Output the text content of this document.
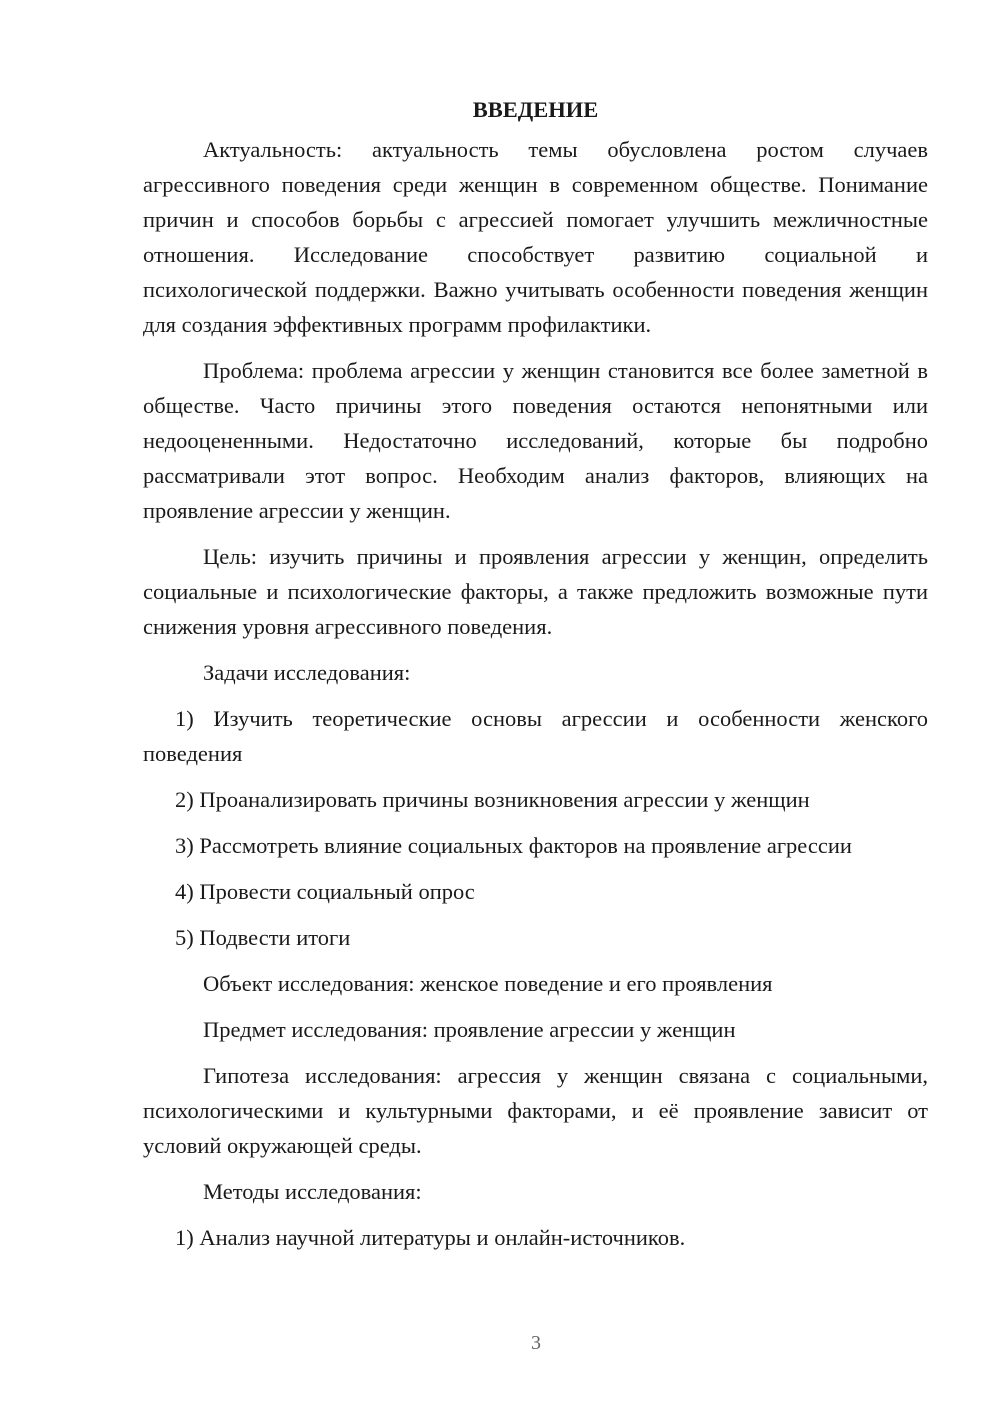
ВВЕДЕНИЕ

Актуальность: актуальность темы обусловлена ростом случаев агрессивного поведения среди женщин в современном обществе. Понимание причин и способов борьбы с агрессией помогает улучшить межличностные отношения. Исследование способствует развитию социальной и психологической поддержки. Важно учитывать особенности поведения женщин для создания эффективных программ профилактики.

Проблема: проблема агрессии у женщин становится все более заметной в обществе. Часто причины этого поведения остаются непонятными или недооцененными. Недостаточно исследований, которые бы подробно рассматривали этот вопрос. Необходим анализ факторов, влияющих на проявление агрессии у женщин.

Цель: изучить причины и проявления агрессии у женщин, определить социальные и психологические факторы, а также предложить возможные пути снижения уровня агрессивного поведения.

Задачи исследования:

1) Изучить теоретические основы агрессии и особенности женского поведения

2) Проанализировать причины возникновения агрессии у женщин

3) Рассмотреть влияние социальных факторов на проявление агрессии

4) Провести социальный опрос

5) Подвести итоги

Объект исследования: женское поведение и его проявления

Предмет исследования: проявление агрессии у женщин

Гипотеза исследования: агрессия у женщин связана с социальными, психологическими и культурными факторами, и её проявление зависит от условий окружающей среды.

Методы исследования:

1) Анализ научной литературы и онлайн-источников.

3
